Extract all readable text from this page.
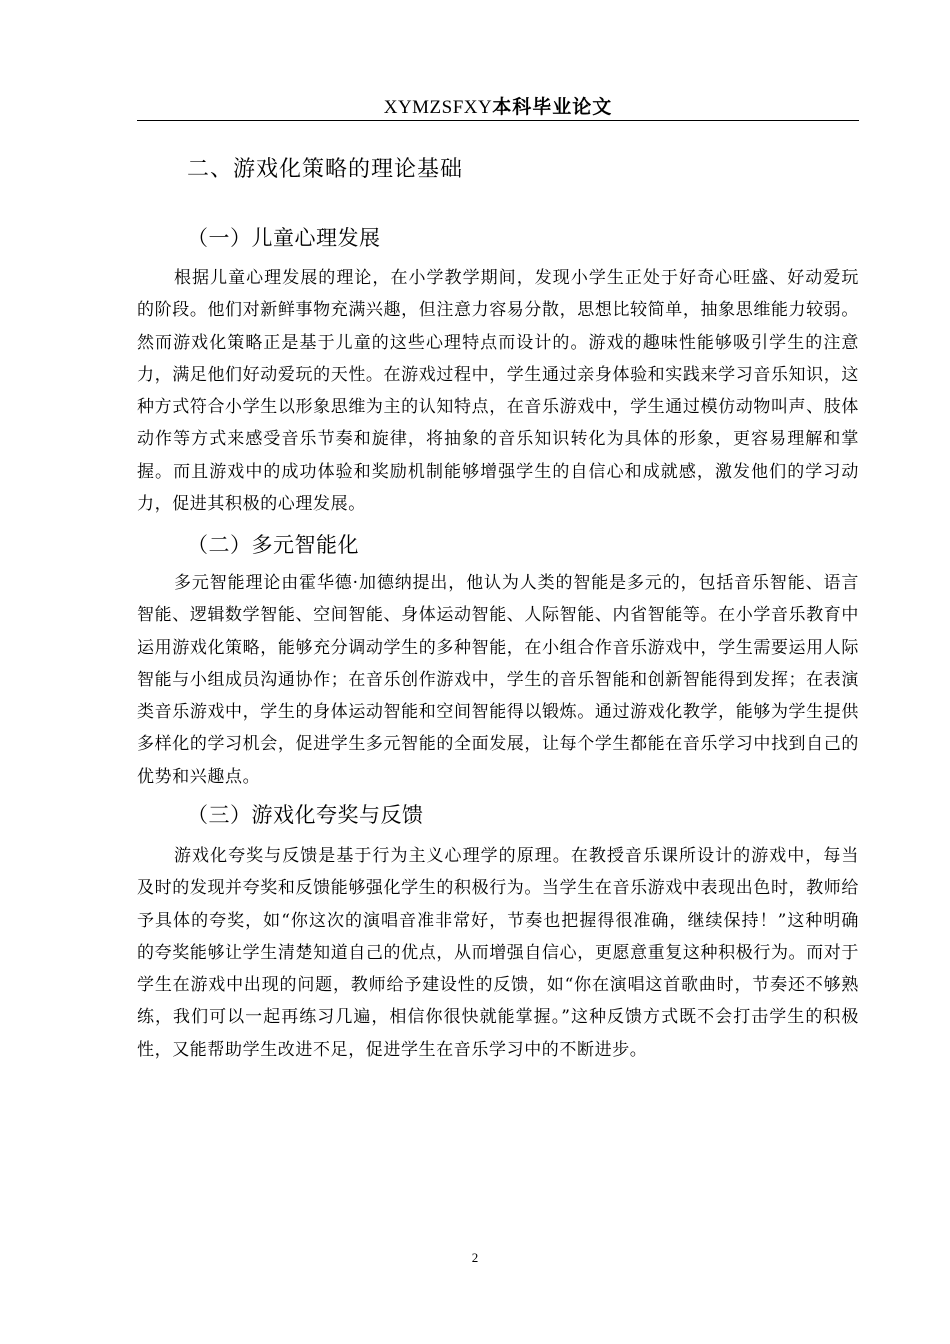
XYMZSFXY本科毕业论文
二、游戏化策略的理论基础
（一）儿童心理发展

根据儿童心理发展的理论，在小学教学期间，发现小学生正处于好奇心旺盛、好动爱玩的阶段。他们对新鲜事物充满兴趣，但注意力容易分散，思想比较简单，抽象思维能力较弱。然而游戏化策略正是基于儿童的这些心理特点而设计的。游戏的趣味性能够吸引学生的注意力，满足他们好动爱玩的天性。在游戏过程中，学生通过亲身体验和实践来学习音乐知识，这种方式符合小学生以形象思维为主的认知特点，在音乐游戏中，学生通过模仿动物叫声、肢体动作等方式来感受音乐节奏和旋律，将抽象的音乐知识转化为具体的形象，更容易理解和掌握。而且游戏中的成功体验和奖励机制能够增强学生的自信心和成就感，激发他们的学习动力，促进其积极的心理发展。

（二）多元智能化

多元智能理论由霍华德·加德纳提出，他认为人类的智能是多元的，包括音乐智能、语言智能、逻辑数学智能、空间智能、身体运动智能、人际智能、内省智能等。在小学音乐教育中运用游戏化策略，能够充分调动学生的多种智能，在小组合作音乐游戏中，学生需要运用人际智能与小组成员沟通协作；在音乐创作游戏中，学生的音乐智能和创新智能得到发挥；在表演类音乐游戏中，学生的身体运动智能和空间智能得以锻炼。通过游戏化教学，能够为学生提供多样化的学习机会，促进学生多元智能的全面发展，让每个学生都能在音乐学习中找到自己的优势和兴趣点。

（三）游戏化夸奖与反馈

游戏化夸奖与反馈是基于行为主义心理学的原理。在教授音乐课所设计的游戏中，每当及时的发现并夸奖和反馈能够强化学生的积极行为。当学生在音乐游戏中表现出色时，教师给予具体的夸奖，如“你这次的演唱音准非常好，节奏也把握得很准确，继续保持！”这种明确的夸奖能够让学生清楚知道自己的优点，从而增强自信心，更愿意重复这种积极行为。而对于学生在游戏中出现的问题，教师给予建设性的反馈，如“你在演唱这首歌曲时，节奏还不够熟练，我们可以一起再练习几遍，相信你很快就能掌握。”这种反馈方式既不会打击学生的积极性，又能帮助学生改进不足，促进学生在音乐学习中的不断进步。

2
